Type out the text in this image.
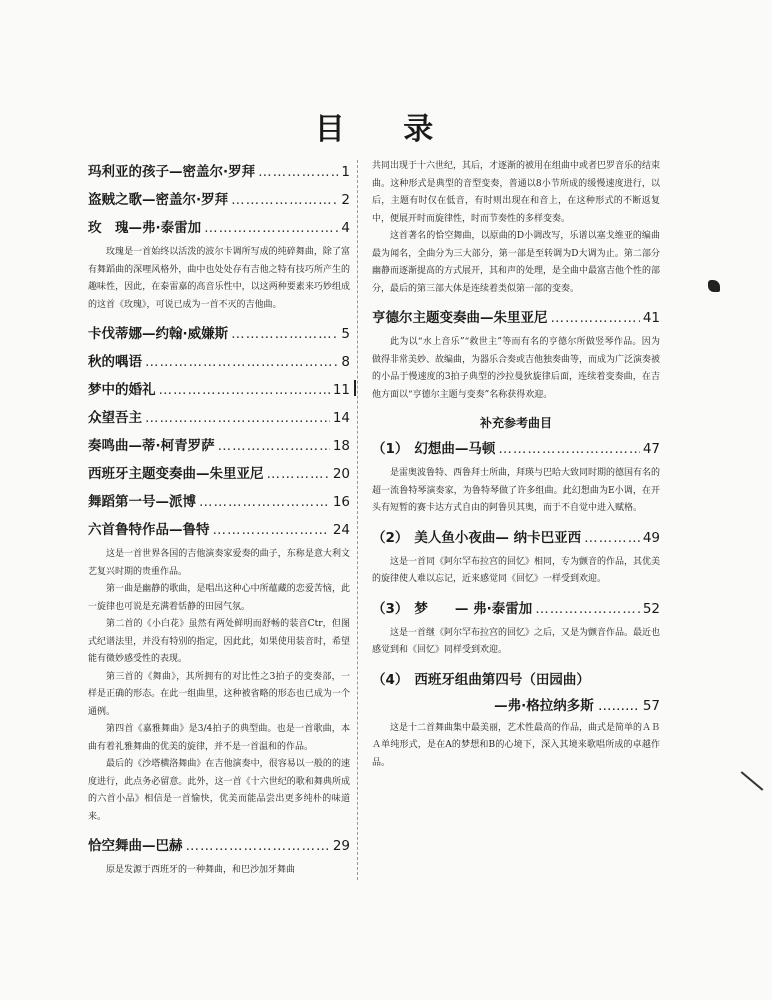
目 录
玛利亚的孩子—密盖尔·罗拜 ………………………………………………………………………………	1
盗贼之歌—密盖尔·罗拜 ………………………………………………………………………………	2
玫　瑰—弗·泰雷加 ………………………………………………………………………………	4

玫瑰是一首始终以活泼的波尔卡调所写成的纯碎舞曲，除了富有舞蹈曲的深哩风格外，曲中也处处存有吉他之特有技巧所产生的趣味性，因此，在泰雷嘉的高音乐性中，以这两种要素来巧妙组成的这首《玫瑰》，可说已成为一首不灭的吉他曲。

卡伐蒂娜—约翰·威嫌斯 ………………………………………………………………………………	5
秋的喁语 ………………………………………………………………………………	8
梦中的婚礼 ………………………………………………………………………………	11
众望吾主 ………………………………………………………………………………	14
奏鸣曲—蒂·柯青罗萨 ………………………………………………………………………………	18
西班牙主题变奏曲—朱里亚尼 ………………………………………………………………………………	20
舞蹈第一号—派博 ………………………………………………………………………………	16
六首鲁特作品—鲁特 ………………………………………………………………………………	24

这是一首世界各国的吉他演奏家爱奏的曲子，东称是意大利文艺复兴时期的贵重作品。

第一曲是幽静的歌曲，是唱出这种心中所蕴藏的恋爱苦恼，此一旋律也可说是充满着恬静的田园气氛。

第二首的《小白花》虽然有两处鲜明而舒畅的装音Ctr，但图式纪谱法里，并没有特别的指定，因此此，如果使用装音时，希望能有微妙感受性的表现。

第三首的《舞曲》，其所拥有的对比性之3拍子的变奏部，一样是正确的形态。在此一组曲里，这种被省略的形态也已成为一个通例。

第四首《嘉雅舞曲》是3/4拍子的典型曲。也是一首歌曲，本曲有着礼雅舞曲的优美的旋律，并不是一首温和的作品。

最后的《沙塔横洛舞曲》在吉他演奏中，很容易以一般的的速度进行，此点务必留意。此外，这一首《十六世纪的歌和舞典所成的六首小品》相信是一首愉快，优美而能品尝出更多纯朴的味道来。

恰空舞曲—巴赫 ………………………………………………………………………………	29

原是发源于西班牙的一种舞曲，和巴沙加牙舞曲

共同出现于十六世纪，其后，才逐渐的被用在组曲中或者巴罗音乐的结束曲。这种形式是典型的音型变奏，普通以8小节所成的缓慢速度进行，以后，主题有时仅在低音，有时则出现在和音上，在这种形式的不断返复中，便展开时而旋律性，时而节奏性的多样变奏。

这首著名的恰空舞曲，以原曲的D小调改写，乐谱以塞戈维亚的编曲最为闻名，全曲分为三大部分，第一部是至转调为D大调为止。第二部分幽静而逐渐提高的方式展开，其和声的处理，是全曲中最富吉他个性的部分，最后的第三部大体是连续着类似第一部的变奏。

亨德尔主题变奏曲—朱里亚尼 ………………………………………………………………………………	41

此为以“水上音乐”“救世主”等而有名的亨德尔所做竖琴作品。因为做得非常美妙、故编曲，为器乐合奏或吉他独奏曲等，而成为广泛演奏被的小品于慢速度的3拍子典型的沙拉曼狄旋律后面，连续着变奏曲，在吉他方面以“亨德尔主题与变奏”名称获得欢迎。

补充参考曲目
（1） 幻想曲—马顿 ………………………………………………………………………………	47

是雷奥波鲁特、西鲁拜士所曲，拜瑛与巴哈大致同时期的德国有名的超一流鲁特琴演奏家，为鲁特琴做了许多组曲。此幻想曲为E小调，在开头有短暂的赛卡达方式自由的阿鲁贝其奥，而于不自觉中进入赋格。

（2） 美人鱼小夜曲— 纳卡巴亚西 ………………………………………………………………………………	49

这是一首同《阿尔罕布拉宫的回忆》相同，专为颤音的作品，其优美的旋律使人难以忘记，近来感觉同《回忆》一样受到欢迎。

（3） 梦　　— 弗·泰雷加 ………………………………………………………………………………	52

这是一首继《阿尔罕布拉宫的回忆》之后，又是为颤音作品。最近也感觉到和《回忆》同样受到欢迎。

（4） 西班牙组曲第四号（田园曲）
—弗·格拉纳多斯 ……… 57

这是十二首舞曲集中最美丽，艺术性最高的作品，曲式是简单的ＡＢＡ单纯形式，是在A的梦想和B的心境下，深入其境来歌唱所成的卓越作品。
